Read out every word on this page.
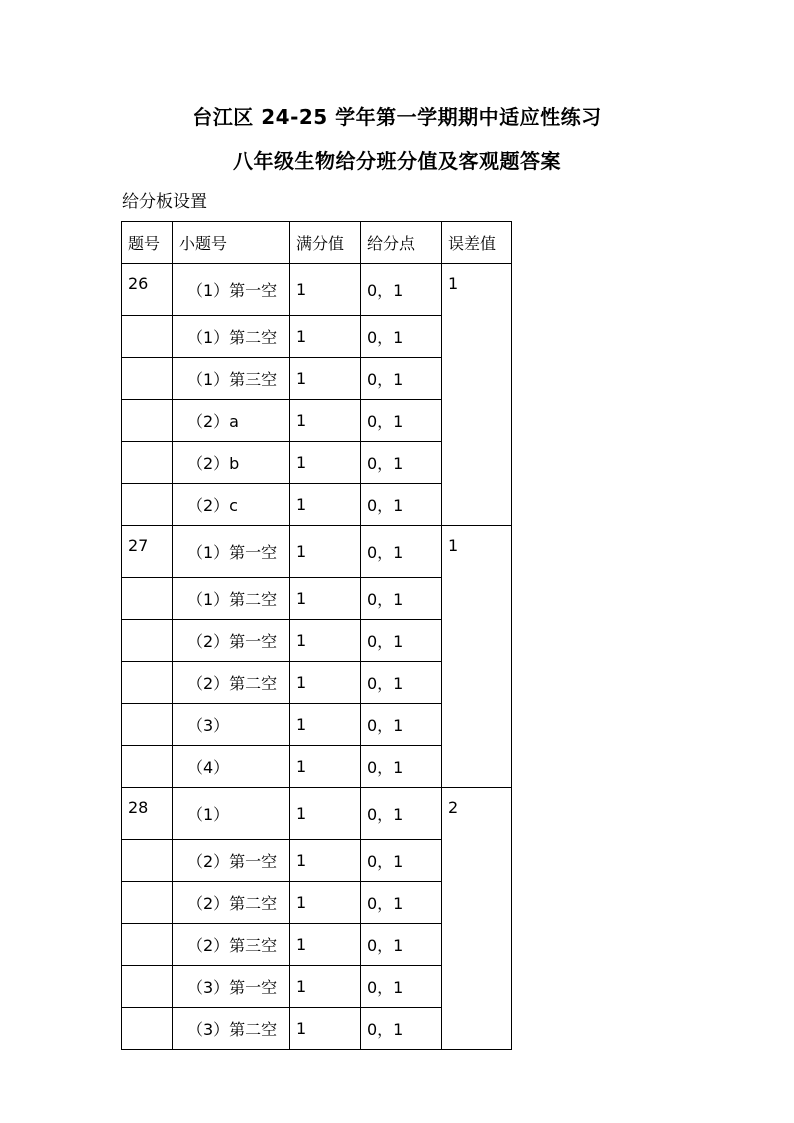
台江区 24-25 学年第一学期期中适应性练习
八年级生物给分班分值及客观题答案

给分板设置

题号	小题号	满分值	给分点	误差值
26	（1）第一空	1	0，1	1
	（1）第二空	1	0，1	
	（1）第三空	1	0，1	
	（2）a	1	0，1	
	（2）b	1	0，1	
	（2）c	1	0，1	
27	（1）第一空	1	0，1	1
	（1）第二空	1	0，1	
	（2）第一空	1	0，1	
	（2）第二空	1	0，1	
	（3）	1	0，1	
	（4）	1	0，1	
28	（1）	1	0，1	2
	（2）第一空	1	0，1	
	（2）第二空	1	0，1	
	（2）第三空	1	0，1	
	（3）第一空	1	0，1	
	（3）第二空	1	0，1	
